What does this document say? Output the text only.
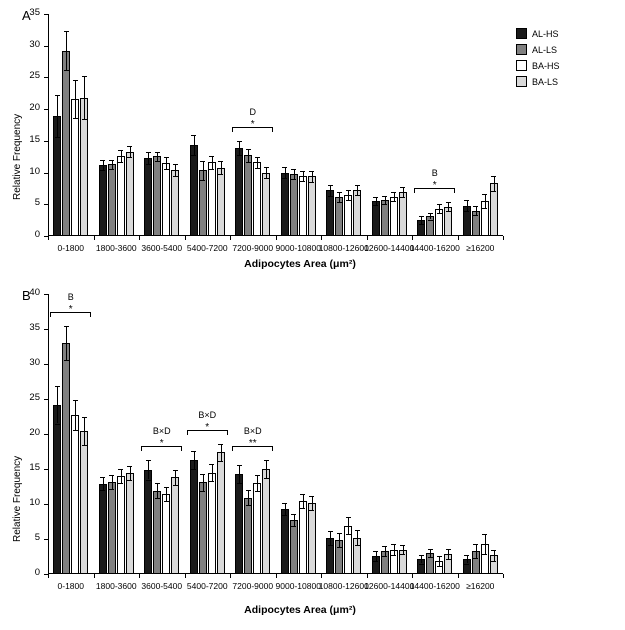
A
Relative Frequency
Adipocytes Area (μm²)
AL-HS
AL-LS
BA-HS
BA-LS
0
5
10
15
20
25
30
35
0-1800	1800-3600 3600-5400 5400-7200 7200-9000 9000-10800
10800-12600
12600-14400
14400-16200 ≥16200
*
D
*
B
B
Relative Frequency
Adipocytes Area (μm²)
0
5
10
15
20
25
30
35
40
0-1800	1800-3600 3600-5400 5400-7200 7200-9000 9000-10800
10800-12600
12600-14400
14400-16200 ≥16200
*
B
*
B×D	*
B×D
**
B×D
